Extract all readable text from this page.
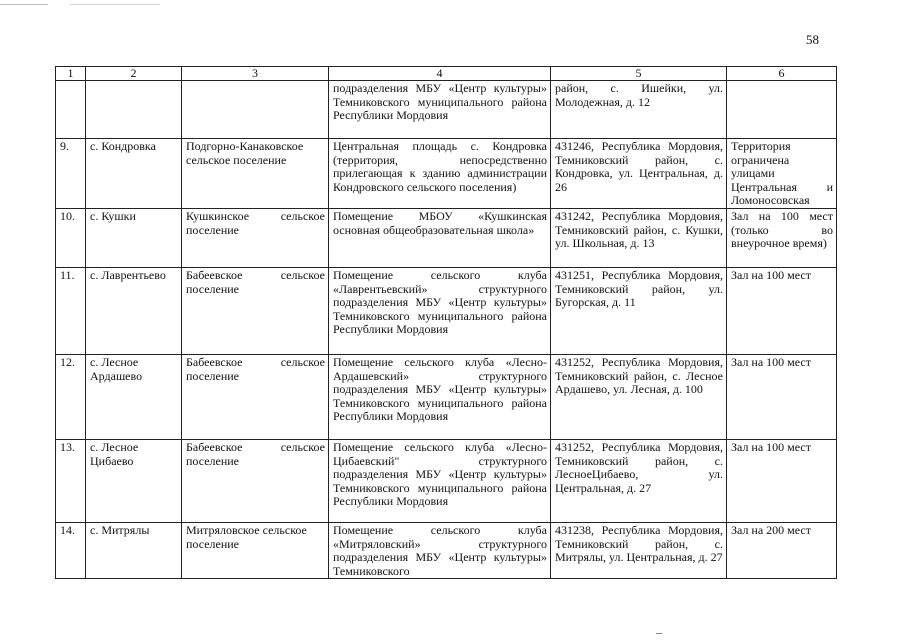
58
1	2	3	4	5	6
			подразделения МБУ «Центр культуры» Темниковского муниципального района Республики Мордовия	район, с. Ишейки, ул. Молодежная, д. 12	
9.	с. Кондровка	Подгорно-Канаковское сельское поселение	Центральная площадь с. Кондровка (территория, непосредственно прилегающая к зданию администрации Кондровского сельского поселения)	431246, Республика Мордовия, Темниковский район, с. Кондровка, ул. Центральная, д. 26	Территория ограничена улицами Центральная и Ломоносовская
10.	с. Кушки	Кушкинское сельское поселение	Помещение МБОУ «Кушкинская основная общеобразовательная школа»	431242, Республика Мордовия, Темниковский район, с. Кушки, ул. Школьная, д. 13	Зал на 100 мест (только во внеурочное время)
11.	с. Лаврентьево	Бабеевское сельское поселение	Помещение сельского клуба «Лаврентьевский» структурного подразделения МБУ «Центр культуры» Темниковского муниципального района Республики Мордовия	431251, Республика Мордовия, Темниковский район, ул. Бугорская, д. 11	Зал на 100 мест
12.	с. Лесное Ардашево	Бабеевское сельское поселение	Помещение сельского клуба «Лесно-Ардашевский» структурного подразделения МБУ «Центр культуры» Темниковского муниципального района Республики Мордовия	431252, Республика Мордовия, Темниковский район, с. Лесное Ардашево, ул. Лесная, д. 100	Зал на 100 мест
13.	с. Лесное Цибаево	Бабеевское сельское поселение	Помещение сельского клуба «Лесно-Цибаевский" структурного подразделения МБУ «Центр культуры» Темниковского муниципального района Республики Мордовия	431252, Республика Мордовия, Темниковский район, с. ЛесноеЦибаево, ул. Центральная, д. 27	Зал на 100 мест
14.	с. Митрялы	Митряловское сельское поселение	Помещение сельского клуба «Митряловский» структурного подразделения МБУ «Центр культуры» Темниковского	431238, Республика Мордовия, Темниковский район, с. Митрялы, ул. Центральная, д. 27	Зал на 200 мест
